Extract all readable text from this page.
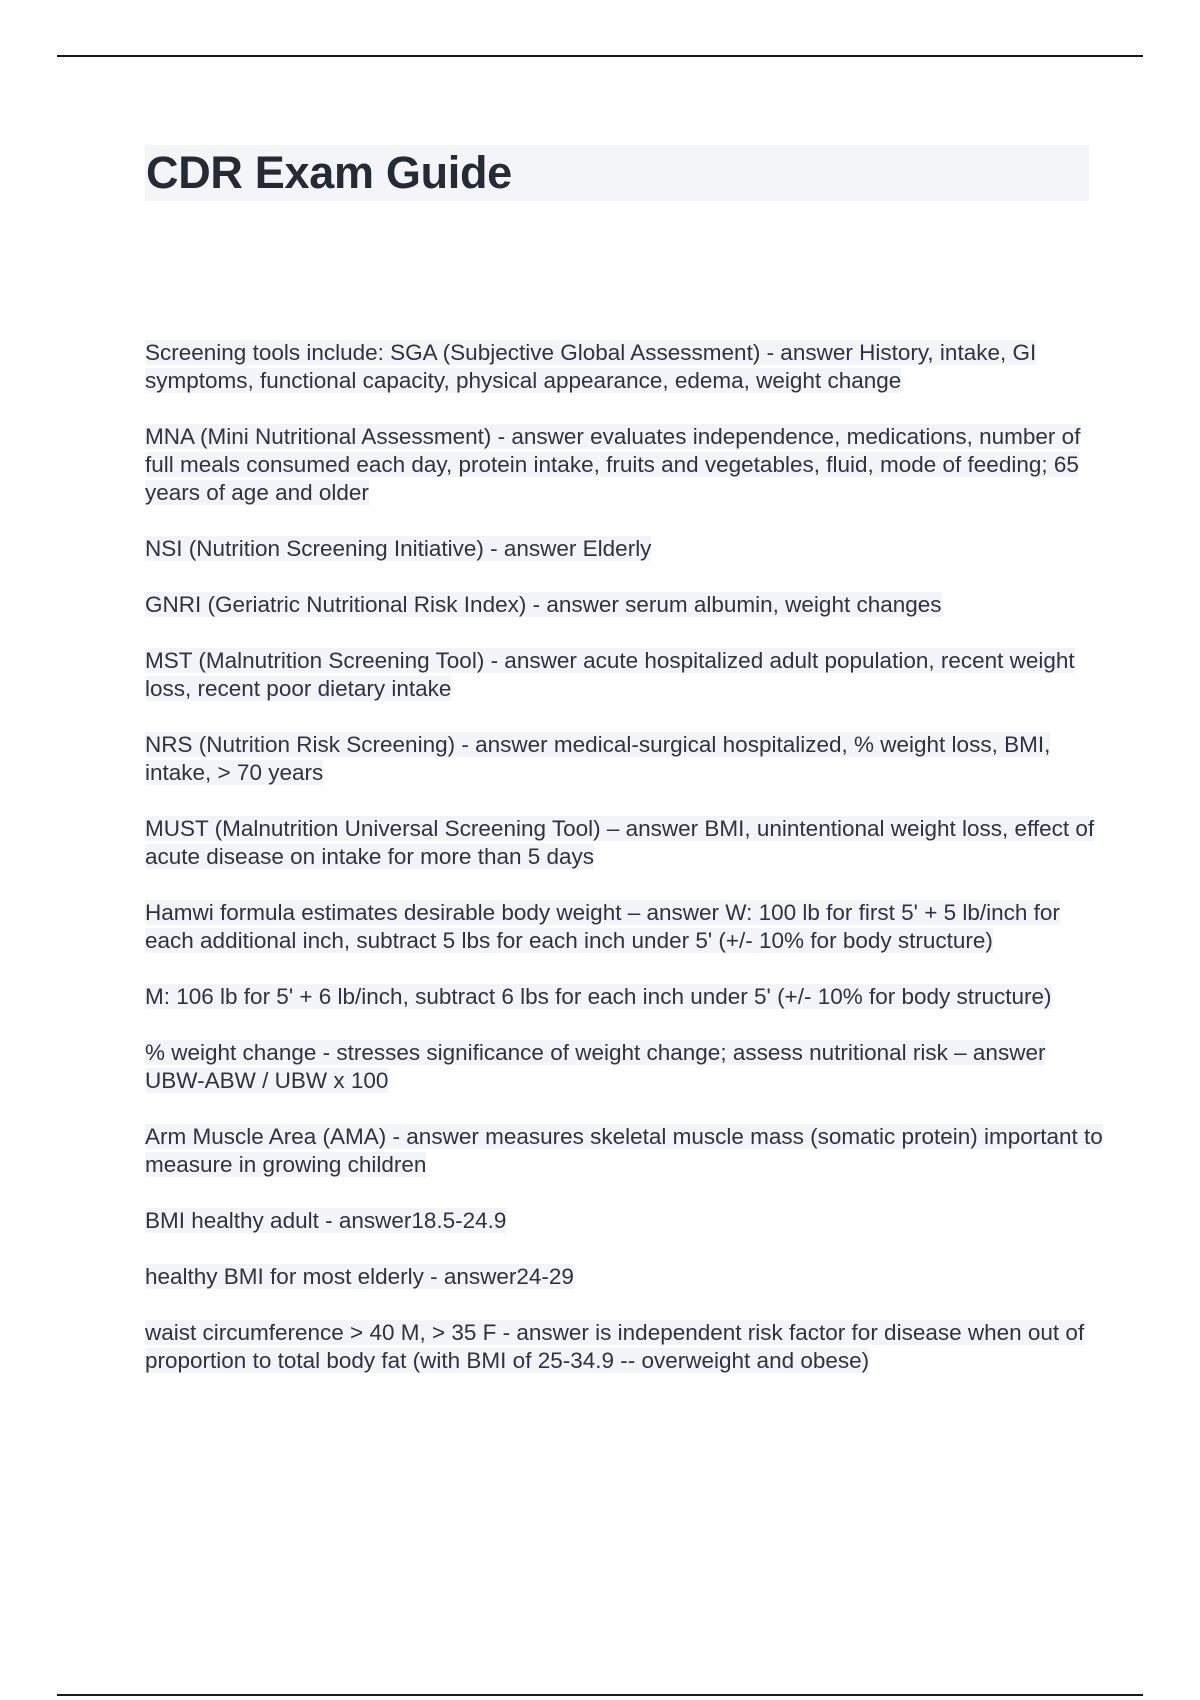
CDR Exam Guide

Screening tools include: SGA (Subjective Global Assessment) - answer History, intake, GI symptoms, functional capacity, physical appearance, edema, weight change

MNA (Mini Nutritional Assessment) - answer evaluates independence, medications, number of full meals consumed each day, protein intake, fruits and vegetables, fluid, mode of feeding; 65 years of age and older

NSI (Nutrition Screening Initiative) - answer Elderly

GNRI (Geriatric Nutritional Risk Index) - answer serum albumin, weight changes

MST (Malnutrition Screening Tool) - answer acute hospitalized adult population, recent weight loss, recent poor dietary intake

NRS (Nutrition Risk Screening) - answer medical-surgical hospitalized, % weight loss, BMI, intake, > 70 years

MUST (Malnutrition Universal Screening Tool) – answer BMI, unintentional weight loss, effect of acute disease on intake for more than 5 days

Hamwi formula estimates desirable body weight – answer W: 100 lb for first 5' + 5 lb/inch for each additional inch, subtract 5 lbs for each inch under 5' (+/- 10% for body structure)

M: 106 lb for 5' + 6 lb/inch, subtract 6 lbs for each inch under 5' (+/- 10% for body structure)

% weight change - stresses significance of weight change; assess nutritional risk – answer UBW-ABW / UBW x 100

Arm Muscle Area (AMA) - answer measures skeletal muscle mass (somatic protein) important to measure in growing children

BMI healthy adult - answer18.5-24.9

healthy BMI for most elderly - answer24-29

waist circumference > 40 M, > 35 F - answer is independent risk factor for disease when out of proportion to total body fat (with BMI of 25-34.9 -- overweight and obese)
